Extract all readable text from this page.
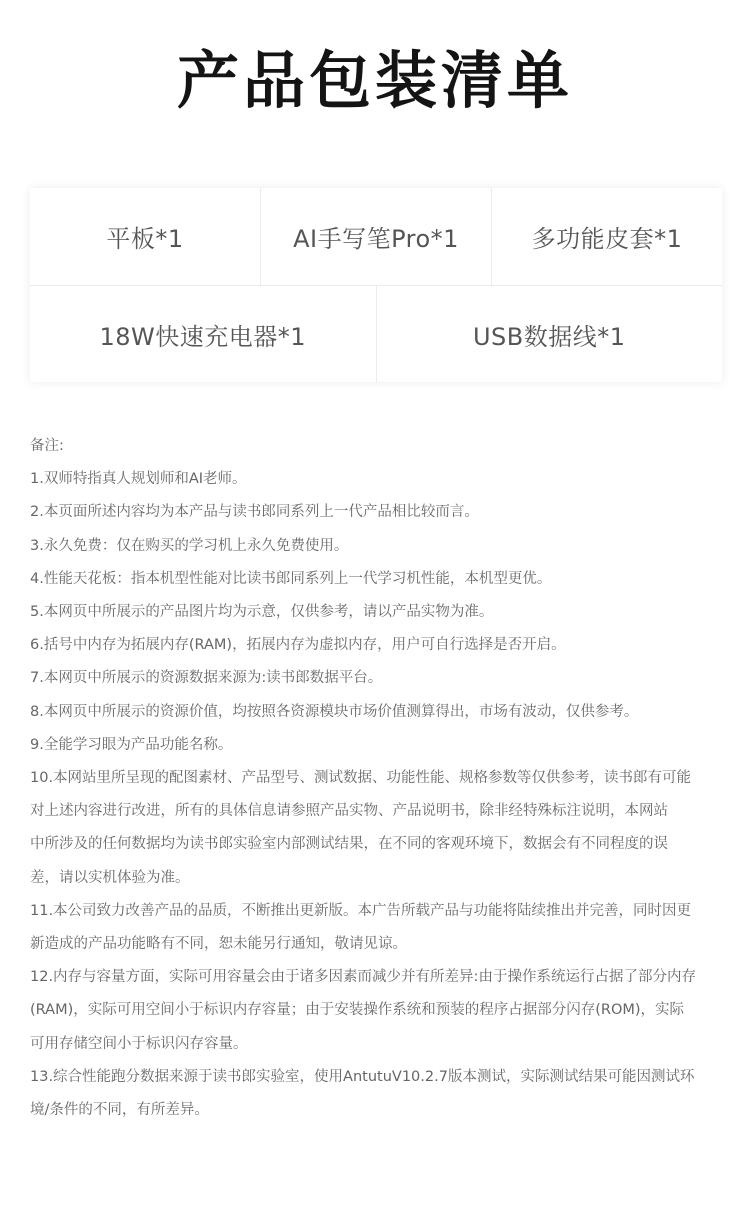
产品包装清单
平板*1	AI手写笔Pro*1	多功能皮套*1
18W快速充电器*1	USB数据线*1

备注:

1.双师特指真人规划师和AI老师。

2.本页面所述内容均为本产品与读书郎同系列上一代产品相比较而言。

3.永久免费：仅在购买的学习机上永久免费使用。

4.性能天花板：指本机型性能对比读书郎同系列上一代学习机性能，本机型更优。

5.本网页中所展示的产品图片均为示意，仅供参考，请以产品实物为准。

6.括号中内存为拓展内存(RAM)，拓展内存为虚拟内存，用户可自行选择是否开启。

7.本网页中所展示的资源数据来源为:读书郎数据平台。

8.本网页中所展示的资源价值，均按照各资源模块市场价值测算得出，市场有波动，仅供参考。

9.全能学习眼为产品功能名称。

10.本网站里所呈现的配图素材、产品型号、测试数据、功能性能、规格参数等仅供参考，读书郎有可能

对上述内容进行改进，所有的具体信息请参照产品实物、产品说明书，除非经特殊标注说明，本网站

中所涉及的任何数据均为读书郎实验室内部测试结果，在不同的客观环境下，数据会有不同程度的误

差，请以实机体验为准。

11.本公司致力改善产品的品质，不断推出更新版。本广告所载产品与功能将陆续推出并完善，同时因更

新造成的产品功能略有不同，恕未能另行通知，敬请见谅。

12.内存与容量方面，实际可用容量会由于诸多因素而减少并有所差异:由于操作系统运行占据了部分内存

(RAM)，实际可用空间小于标识内存容量；由于安装操作系统和预装的程序占据部分闪存(ROM)，实际

可用存储空间小于标识闪存容量。

13.综合性能跑分数据来源于读书郎实验室，使用AntutuV10.2.7版本测试，实际测试结果可能因测试环

境/条件的不同，有所差异。
